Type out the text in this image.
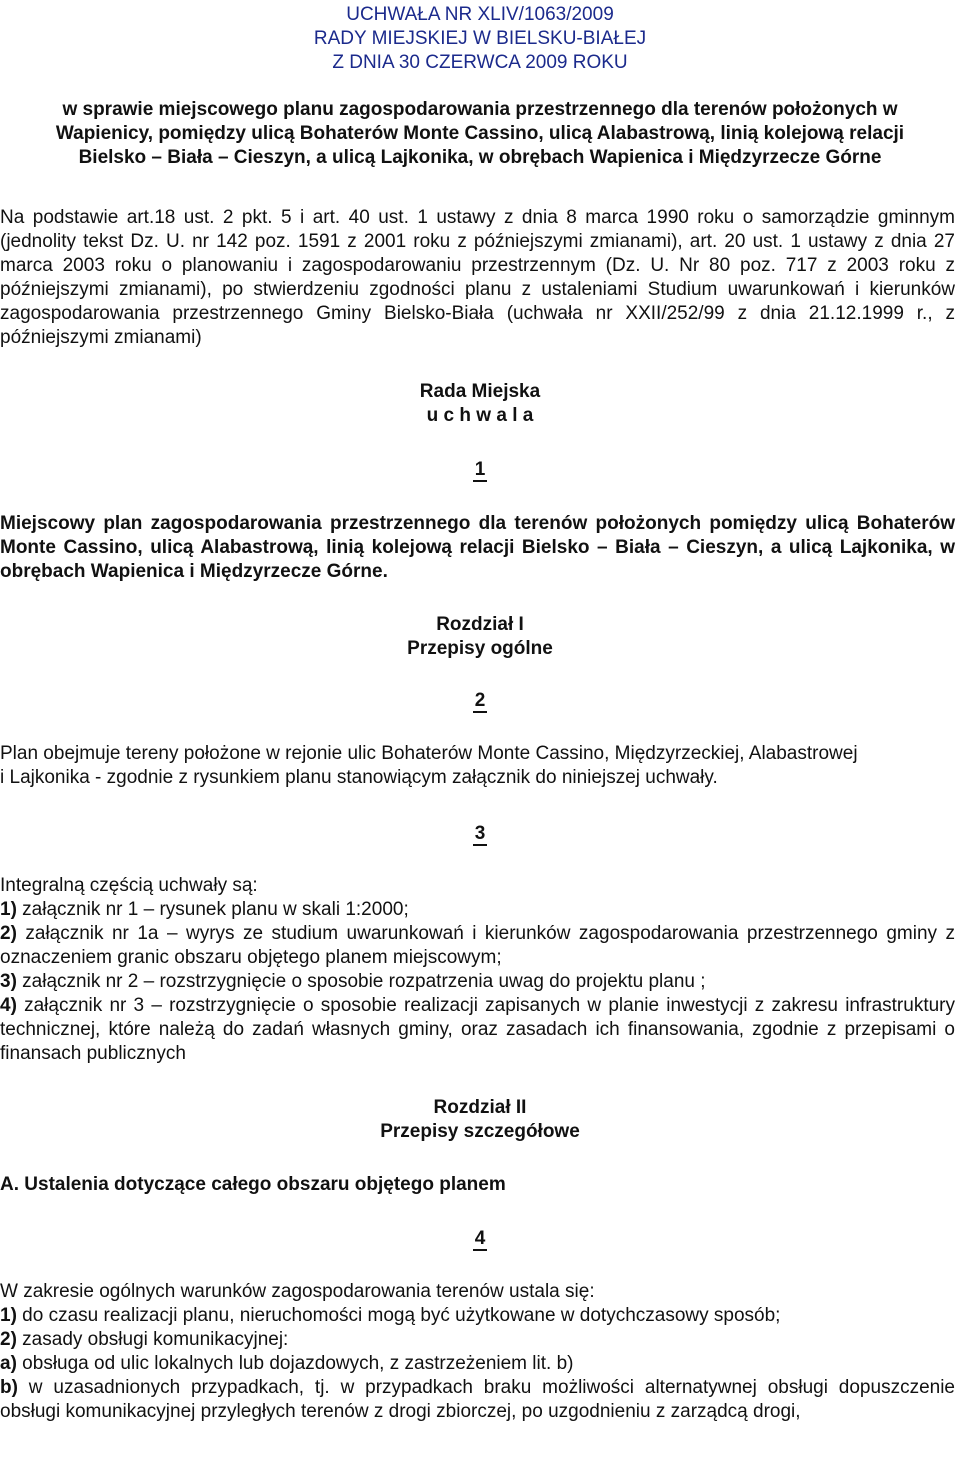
UCHWAŁA NR XLIV/1063/2009
RADY MIEJSKIEJ W BIELSKU-BIAŁEJ
Z DNIA 30 CZERWCA 2009 ROKU
w sprawie miejscowego planu zagospodarowania przestrzennego dla terenów położonych w
Wapienicy, pomiędzy ulicą Bohaterów Monte Cassino, ulicą Alabastrową, linią kolejową relacji
Bielsko – Biała – Cieszyn, a ulicą Lajkonika, w obrębach Wapienica i Międzyrzecze Górne
Na podstawie art.18 ust. 2 pkt. 5 i art. 40 ust. 1 ustawy z dnia 8 marca 1990 roku o samorządzie gminnym (jednolity tekst Dz. U. nr 142 poz. 1591 z 2001 roku z późniejszymi zmianami), art. 20 ust. 1 ustawy z dnia 27 marca 2003 roku o planowaniu i zagospodarowaniu przestrzennym (Dz. U. Nr 80 poz. 717 z 2003 roku z późniejszymi zmianami), po stwierdzeniu zgodności planu z ustaleniami Studium uwarunkowań i kierunków zagospodarowania przestrzennego Gminy Bielsko-Biała (uchwała nr XXII/252/99 z dnia 21.12.1999 r., z późniejszymi zmianami)
Rada Miejska
u c h w a l a
1
Miejscowy plan zagospodarowania przestrzennego dla terenów położonych pomiędzy ulicą Bohaterów Monte Cassino, ulicą Alabastrową, linią kolejową relacji Bielsko – Biała – Cieszyn, a ulicą Lajkonika, w obrębach Wapienica i Międzyrzecze Górne.
Rozdział I
Przepisy ogólne
2
Plan obejmuje tereny położone w rejonie ulic Bohaterów Monte Cassino, Międzyrzeckiej, Alabastrowej
i Lajkonika - zgodnie z rysunkiem planu stanowiącym załącznik do niniejszej uchwały.
3
Integralną częścią uchwały są:
1) załącznik nr 1 – rysunek planu w skali 1:2000;
2) załącznik nr 1a – wyrys ze studium uwarunkowań i kierunków zagospodarowania przestrzennego gminy z oznaczeniem granic obszaru objętego planem miejscowym;
3) załącznik nr 2 – rozstrzygnięcie o sposobie rozpatrzenia uwag do projektu planu ;
4) załącznik nr 3 – rozstrzygnięcie o sposobie realizacji zapisanych w planie inwestycji z zakresu infrastruktury technicznej, które należą do zadań własnych gminy, oraz zasadach ich finansowania, zgodnie z przepisami o finansach publicznych
Rozdział II
Przepisy szczegółowe
A. Ustalenia dotyczące całego obszaru objętego planem
4
W zakresie ogólnych warunków zagospodarowania terenów ustala się:
1) do czasu realizacji planu, nieruchomości mogą być użytkowane w dotychczasowy sposób;
2) zasady obsługi komunikacyjnej:
a) obsługa od ulic lokalnych lub dojazdowych, z zastrzeżeniem lit. b)
b) w uzasadnionych przypadkach, tj. w przypadkach braku możliwości alternatywnej obsługi dopuszczenie obsługi komunikacyjnej przyległych terenów z drogi zbiorczej, po uzgodnieniu z zarządcą drogi,
